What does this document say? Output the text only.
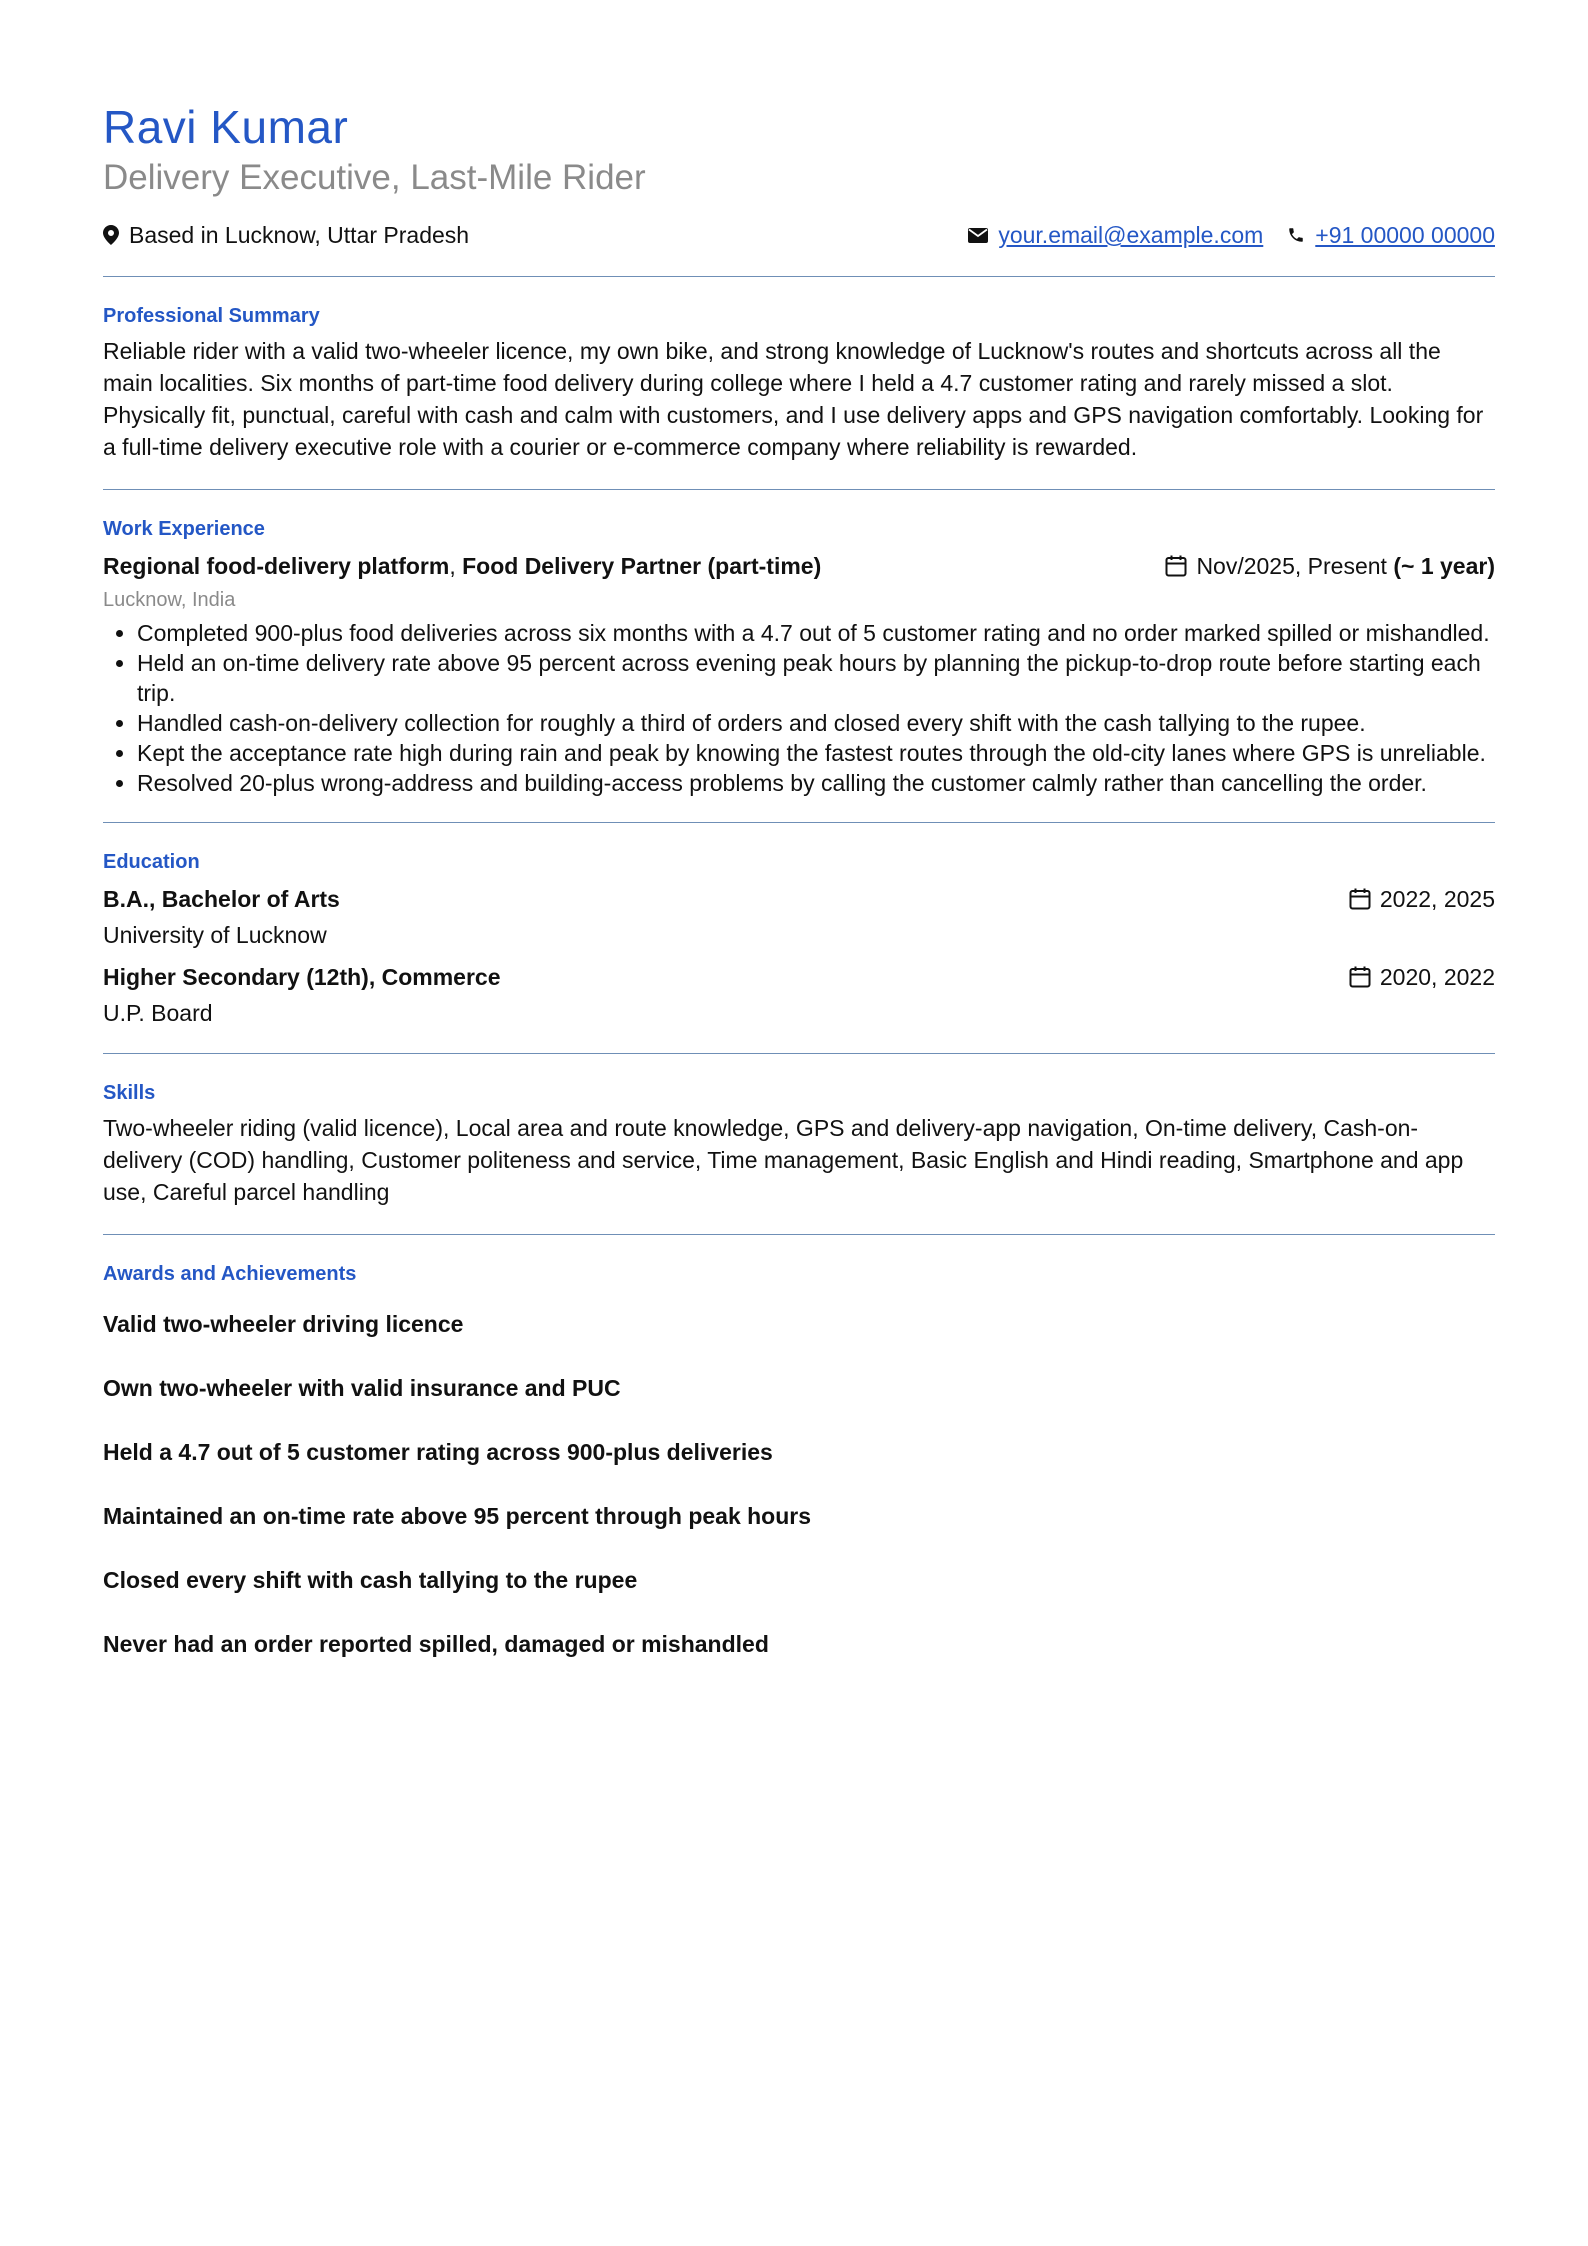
Ravi Kumar
Delivery Executive, Last-Mile Rider
Based in Lucknow, Uttar Pradesh	your.email@example.com +91 00000 00000
Professional Summary
Reliable rider with a valid two-wheeler licence, my own bike, and strong knowledge of Lucknow's routes and shortcuts across all the main localities. Six months of part-time food delivery during college where I held a 4.7 customer rating and rarely missed a slot. Physically fit, punctual, careful with cash and calm with customers, and I use delivery apps and GPS navigation comfortably. Looking for a full-time delivery executive role with a courier or e-commerce company where reliability is rewarded.
Work Experience
Regional food-delivery platform, Food Delivery Partner (part-time)	Nov/2025, Present
(~ 1 year)
Lucknow, India
• Completed 900-plus food deliveries across six months with a 4.7 out of 5 customer rating and no order marked spilled or mishandled.
• Held an on-time delivery rate above 95 percent across evening peak hours by planning the pickup-to-drop route before starting each trip.
• Handled cash-on-delivery collection for roughly a third of orders and closed every shift with the cash tallying to the rupee.
• Kept the acceptance rate high during rain and peak by knowing the fastest routes through the old-city lanes where GPS is unreliable.
• Resolved 20-plus wrong-address and building-access problems by calling the customer calmly rather than cancelling the order.
Education
B.A., Bachelor of Arts	2022, 2025
University of Lucknow
Higher Secondary (12th), Commerce	2020, 2022
U.P. Board
Skills
Two-wheeler riding (valid licence), Local area and route knowledge, GPS and delivery-app navigation, On-time delivery, Cash-on-delivery (COD) handling, Customer politeness and service, Time management, Basic English and Hindi reading, Smartphone and app use, Careful parcel handling
Awards and Achievements
Valid two-wheeler driving licence
Own two-wheeler with valid insurance and PUC
Held a 4.7 out of 5 customer rating across 900-plus deliveries
Maintained an on-time rate above 95 percent through peak hours
Closed every shift with cash tallying to the rupee
Never had an order reported spilled, damaged or mishandled
